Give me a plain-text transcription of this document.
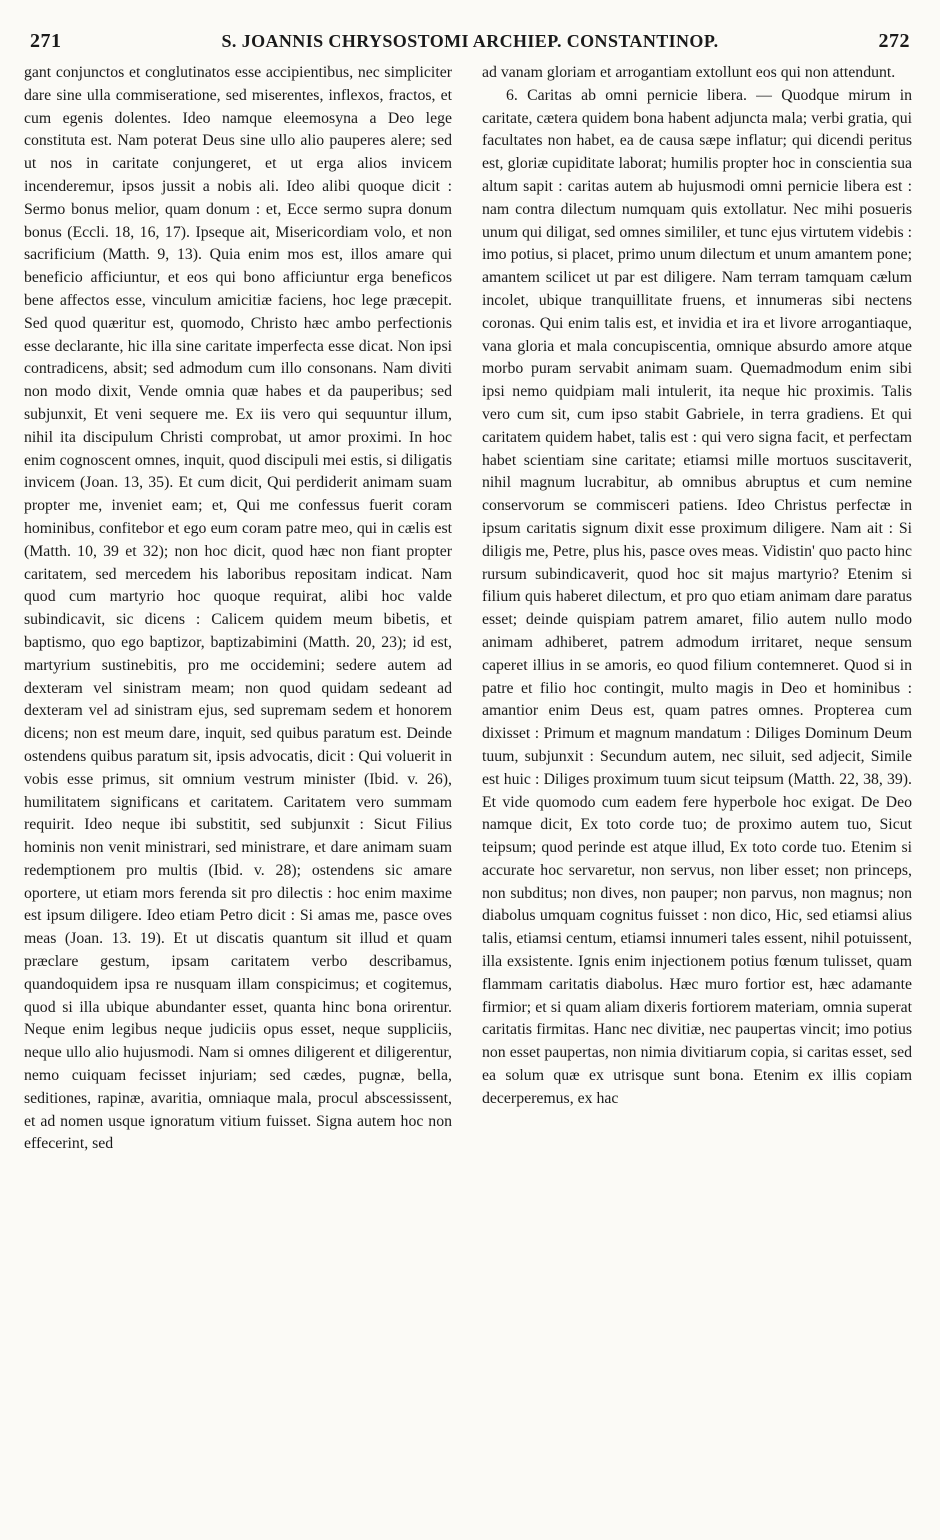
271	S. JOANNIS CHRYSOSTOMI ARCHIEP. CONSTANTINOP.	272

gant conjunctos et conglutinatos esse accipientibus, nec simpliciter dare sine ulla commiseratione, sed miserentes, inflexos, fractos, et cum egenis dolentes. Ideo namque eleemosyna a Deo lege constituta est. Nam poterat Deus sine ullo alio pauperes alere; sed ut nos in caritate conjungeret, et ut erga alios invicem incenderemur, ipsos jussit a nobis ali. Ideo alibi quoque dicit : Sermo bonus melior, quam donum : et, Ecce sermo supra donum bonus (Eccli. 18, 16, 17). Ipseque ait, Misericordiam volo, et non sacrificium (Matth. 9, 13). Quia enim mos est, illos amare qui beneficio afficiuntur, et eos qui bono afficiuntur erga beneficos bene affectos esse, vinculum amicitiæ faciens, hoc lege præcepit. Sed quod quæritur est, quomodo, Christo hæc ambo perfectionis esse declarante, hic illa sine caritate imperfecta esse dicat. Non ipsi contradicens, absit; sed admodum cum illo consonans. Nam diviti non modo dixit, Vende omnia quæ habes et da pauperibus; sed subjunxit, Et veni sequere me. Ex iis vero qui sequuntur illum, nihil ita discipulum Christi comprobat, ut amor proximi. In hoc enim cognoscent omnes, inquit, quod discipuli mei estis, si diligatis invicem (Joan. 13, 35). Et cum dicit, Qui perdiderit animam suam propter me, inveniet eam; et, Qui me confessus fuerit coram hominibus, confitebor et ego eum coram patre meo, qui in cælis est (Matth. 10, 39 et 32); non hoc dicit, quod hæc non fiant propter caritatem, sed mercedem his laboribus repositam indicat. Nam quod cum martyrio hoc quoque requirat, alibi hoc valde subindicavit, sic dicens : Calicem quidem meum bibetis, et baptismo, quo ego baptizor, baptizabimini (Matth. 20, 23); id est, martyrium sustinebitis, pro me occidemini; sedere autem ad dexteram vel sinistram meam; non quod quidam sedeant ad dexteram vel ad sinistram ejus, sed supremam sedem et honorem dicens; non est meum dare, inquit, sed quibus paratum est. Deinde ostendens quibus paratum sit, ipsis advocatis, dicit : Qui voluerit in vobis esse primus, sit omnium vestrum minister (Ibid. v. 26), humilitatem significans et caritatem. Caritatem vero summam requirit. Ideo neque ibi substitit, sed subjunxit : Sicut Filius hominis non venit ministrari, sed ministrare, et dare animam suam redemptionem pro multis (Ibid. v. 28); ostendens sic amare oportere, ut etiam mors ferenda sit pro dilectis : hoc enim maxime est ipsum diligere. Ideo etiam Petro dicit : Si amas me, pasce oves meas (Joan. 13. 19). Et ut discatis quantum sit illud et quam præclare gestum, ipsam caritatem verbo describamus, quandoquidem ipsa re nusquam illam conspicimus; et cogitemus, quod si illa ubique abundanter esset, quanta hinc bona orirentur. Neque enim legibus neque judiciis opus esset, neque suppliciis, neque ullo alio hujusmodi. Nam si omnes diligerent et diligerentur, nemo cuiquam fecisset injuriam; sed cædes, pugnæ, bella, seditiones, rapinæ, avaritia, omniaque mala, procul abscessissent, et ad nomen usque ignoratum vitium fuisset. Signa autem hoc non effecerint, sed

ad vanam gloriam et arrogantiam extollunt eos qui non attendunt.

6. Caritas ab omni pernicie libera. — Quodque mirum in caritate, cætera quidem bona habent adjuncta mala; verbi gratia, qui facultates non habet, ea de causa sæpe inflatur; qui dicendi peritus est, gloriæ cupiditate laborat; humilis propter hoc in conscientia sua altum sapit : caritas autem ab hujusmodi omni pernicie libera est : nam contra dilectum numquam quis extollatur. Nec mihi posueris unum qui diligat, sed omnes simililer, et tunc ejus virtutem videbis : imo potius, si placet, primo unum dilectum et unum amantem pone; amantem scilicet ut par est diligere. Nam terram tamquam cælum incolet, ubique tranquillitate fruens, et innumeras sibi nectens coronas. Qui enim talis est, et invidia et ira et livore arrogantiaque, vana gloria et mala concupiscentia, omnique absurdo amore atque morbo puram servabit animam suam. Quemadmodum enim sibi ipsi nemo quidpiam mali intulerit, ita neque hic proximis. Talis vero cum sit, cum ipso stabit Gabriele, in terra gradiens. Et qui caritatem quidem habet, talis est : qui vero signa facit, et perfectam habet scientiam sine caritate; etiamsi mille mortuos suscitaverit, nihil magnum lucrabitur, ab omnibus abruptus et cum nemine conservorum se commisceri patiens. Ideo Christus perfectæ in ipsum caritatis signum dixit esse proximum diligere. Nam ait : Si diligis me, Petre, plus his, pasce oves meas. Vidistin' quo pacto hinc rursum subindicaverit, quod hoc sit majus martyrio? Etenim si filium quis haberet dilectum, et pro quo etiam animam dare paratus esset; deinde quispiam patrem amaret, filio autem nullo modo animam adhiberet, patrem admodum irritaret, neque sensum caperet illius in se amoris, eo quod filium contemneret. Quod si in patre et filio hoc contingit, multo magis in Deo et hominibus : amantior enim Deus est, quam patres omnes. Propterea cum dixisset : Primum et magnum mandatum : Diliges Dominum Deum tuum, subjunxit : Secundum autem, nec siluit, sed adjecit, Simile est huic : Diliges proximum tuum sicut teipsum (Matth. 22, 38, 39). Et vide quomodo cum eadem fere hyperbole hoc exigat. De Deo namque dicit, Ex toto corde tuo; de proximo autem tuo, Sicut teipsum; quod perinde est atque illud, Ex toto corde tuo. Etenim si accurate hoc servaretur, non servus, non liber esset; non princeps, non subditus; non dives, non pauper; non parvus, non magnus; non diabolus umquam cognitus fuisset : non dico, Hic, sed etiamsi alius talis, etiamsi centum, etiamsi innumeri tales essent, nihil potuissent, illa exsistente. Ignis enim injectionem potius fœnum tulisset, quam flammam caritatis diabolus. Hæc muro fortior est, hæc adamante firmior; et si quam aliam dixeris fortiorem materiam, omnia superat caritatis firmitas. Hanc nec divitiæ, nec paupertas vincit; imo potius non esset paupertas, non nimia divitiarum copia, si caritas esset, sed ea solum quæ ex utrisque sunt bona. Etenim ex illis copiam decerperemus, ex hac
